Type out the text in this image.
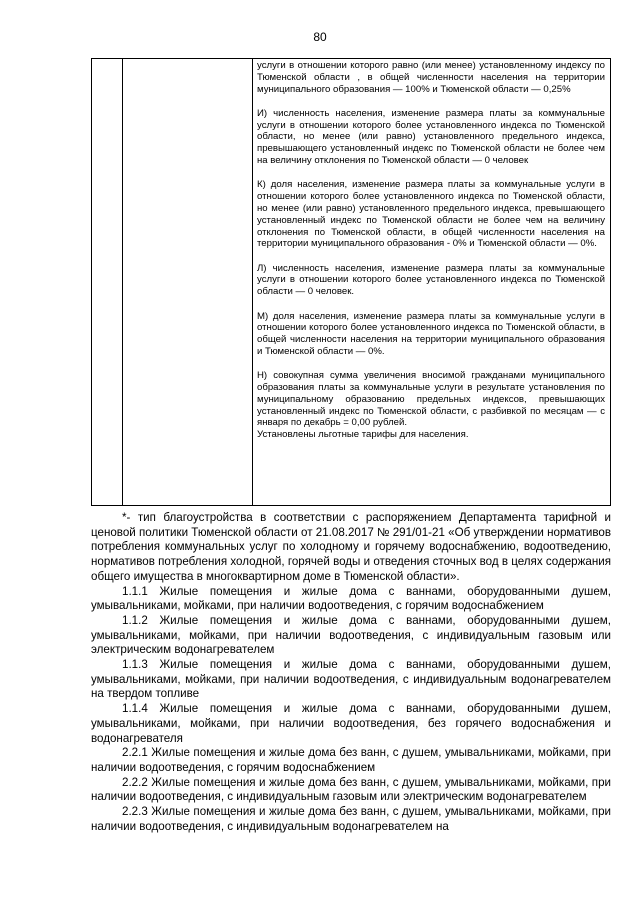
80

услуги в отношении которого равно (или менее) установленному индексу по Тюменской области , в общей численности населения на территории муниципального образования — 100% и Тюменской области — 0,25%

И) численность населения, изменение размера платы за коммунальные услуги в отношении которого более установленного индекса по Тюменской области, но менее (или равно) установленного предельного индекса, превышающего установленный индекс по Тюменской области не более чем на величину отклонения по Тюменской области — 0 человек

К) доля населения, изменение размера платы за коммунальные услуги в отношении которого более установленного индекса по Тюменской области, но менее (или равно) установленного предельного индекса, превышающего установленный индекс по Тюменской области не более чем на величину отклонения по Тюменской области, в общей численности населения на территории муниципального образования - 0% и Тюменской области — 0%.

Л) численность населения, изменение размера платы за коммунальные услуги в отношении которого более установленного индекса по Тюменской области — 0 человек.

М) доля населения, изменение размера платы за коммунальные услуги в отношении которого более установленного индекса по Тюменской области, в общей численности населения на территории муниципального образования и Тюменской области — 0%.

Н) совокупная сумма увеличения вносимой гражданами муниципального образования платы за коммунальные услуги в результате установления по муниципальному образованию предельных индексов, превышающих установленный индекс по Тюменской области, с разбивкой по месяцам — с января по декабрь = 0,00 рублей.

Установлены льготные тарифы для населения.

*- тип благоустройства в соответствии с распоряжением Департамента тарифной и ценовой политики Тюменской области от 21.08.2017 № 291/01-21 «Об утверждении нормативов потребления коммунальных услуг по холодному и горячему водоснабжению, водоотведению, нормативов потребления холодной, горячей воды и отведения сточных вод в целях содержания общего имущества в многоквартирном доме в Тюменской области».

1.1.1 Жилые помещения и жилые дома с ваннами, оборудованными душем, умывальниками, мойками, при наличии водоотведения, с горячим водоснабжением

1.1.2 Жилые помещения и жилые дома с ваннами, оборудованными душем, умывальниками, мойками, при наличии водоотведения, с индивидуальным газовым или электрическим водонагревателем

1.1.3 Жилые помещения и жилые дома с ваннами, оборудованными душем, умывальниками, мойками, при наличии водоотведения, с индивидуальным водонагревателем на твердом топливе

1.1.4 Жилые помещения и жилые дома с ваннами, оборудованными душем, умывальниками, мойками, при наличии водоотведения, без горячего водоснабжения и водонагревателя

2.2.1 Жилые помещения и жилые дома без ванн, с душем, умывальниками, мойками, при наличии водоотведения, с горячим водоснабжением

2.2.2 Жилые помещения и жилые дома без ванн, с душем, умывальниками, мойками, при наличии водоотведения, с индивидуальным газовым или электрическим водонагревателем

2.2.3 Жилые помещения и жилые дома без ванн, с душем, умывальниками, мойками, при наличии водоотведения, с индивидуальным водонагревателем на
